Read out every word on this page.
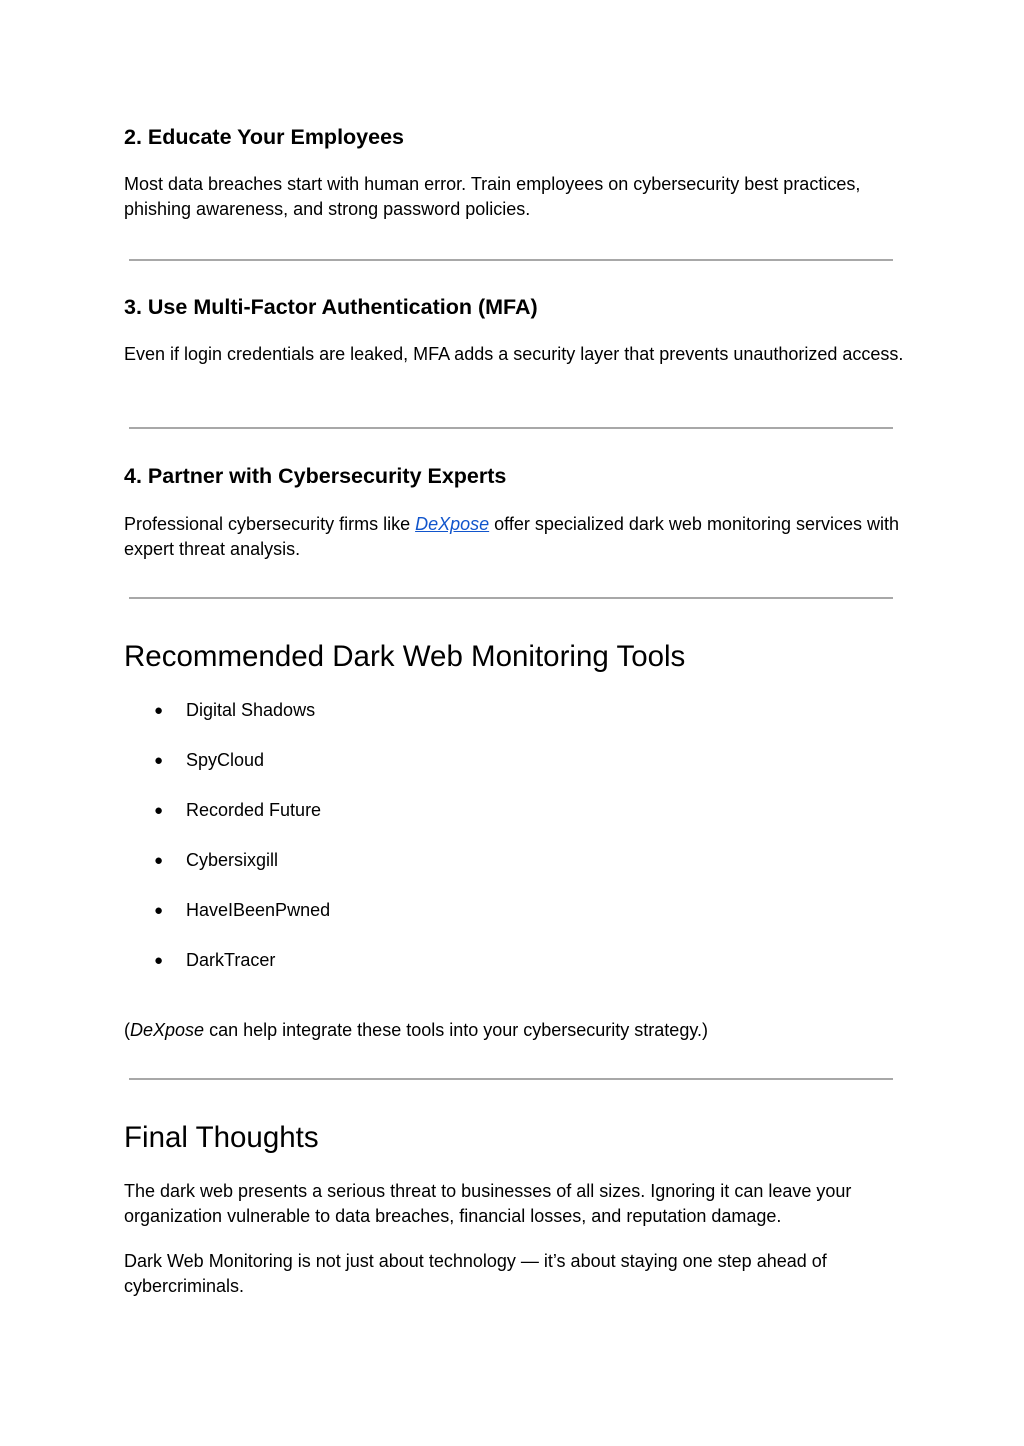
2. Educate Your Employees

Most data breaches start with human error. Train employees on cybersecurity best practices, phishing awareness, and strong password policies.

3. Use Multi-Factor Authentication (MFA)

Even if login credentials are leaked, MFA adds a security layer that prevents unauthorized access.

4. Partner with Cybersecurity Experts

Professional cybersecurity firms like DeXpose offer specialized dark web monitoring services with expert threat analysis.

Recommended Dark Web Monitoring Tools
● Digital Shadows
● SpyCloud
● Recorded Future
● Cybersixgill
● HaveIBeenPwned
● DarkTracer

(DeXpose can help integrate these tools into your cybersecurity strategy.)

Final Thoughts

The dark web presents a serious threat to businesses of all sizes. Ignoring it can leave your organization vulnerable to data breaches, financial losses, and reputation damage.

Dark Web Monitoring is not just about technology — it’s about staying one step ahead of cybercriminals.
